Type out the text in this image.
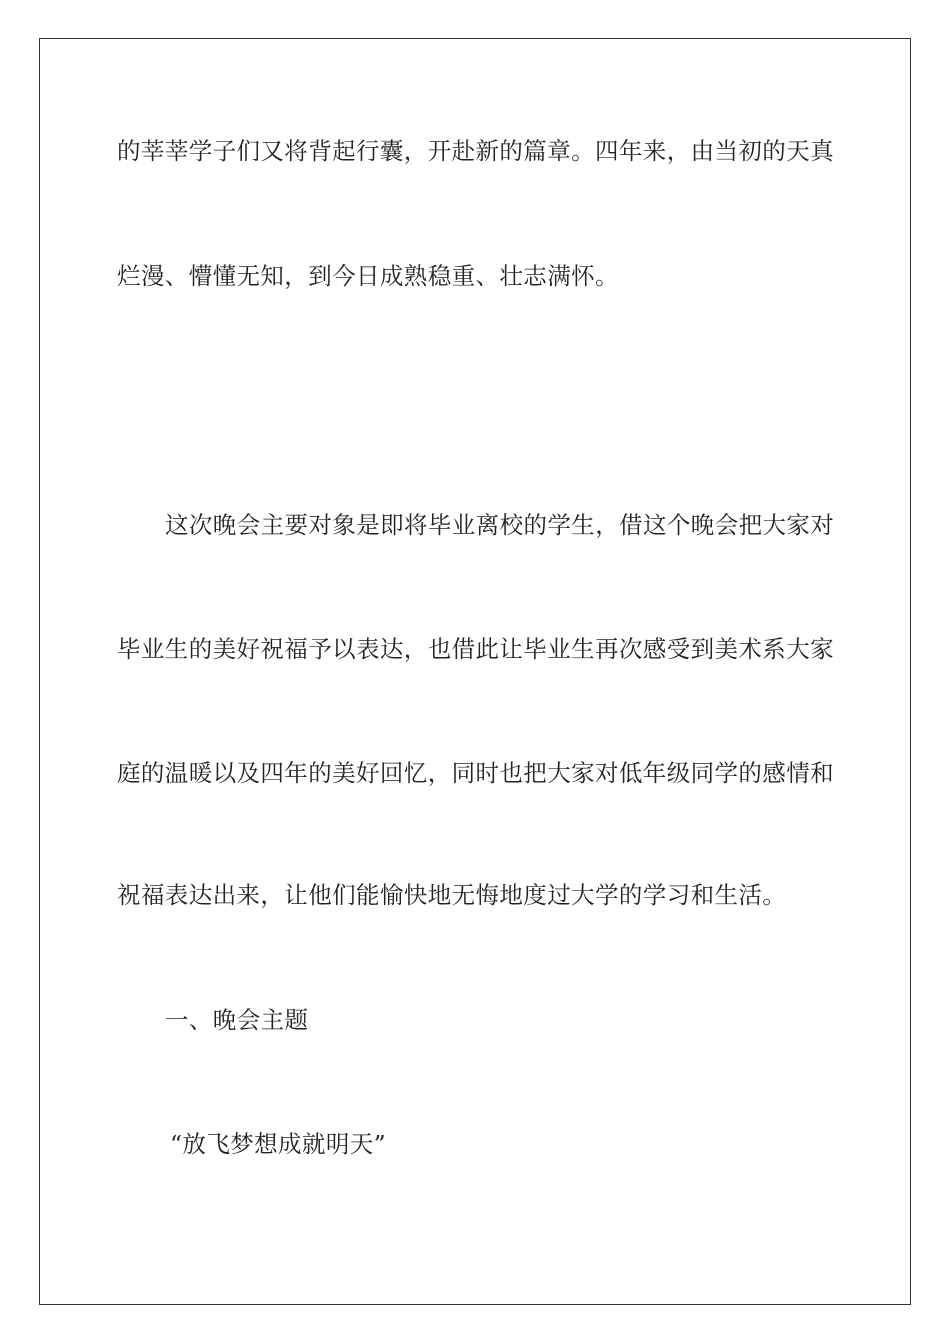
的莘莘学子们又将背起行囊，开赴新的篇章。四年来，由当初的天真
烂漫、懵懂无知，到今日成熟稳重、壮志满怀。
这次晚会主要对象是即将毕业离校的学生，借这个晚会把大家对
毕业生的美好祝福予以表达，也借此让毕业生再次感受到美术系大家
庭的温暖以及四年的美好回忆，同时也把大家对低年级同学的感情和
祝福表达出来，让他们能愉快地无悔地度过大学的学习和生活。
一、晚会主题
“放飞梦想成就明天”
